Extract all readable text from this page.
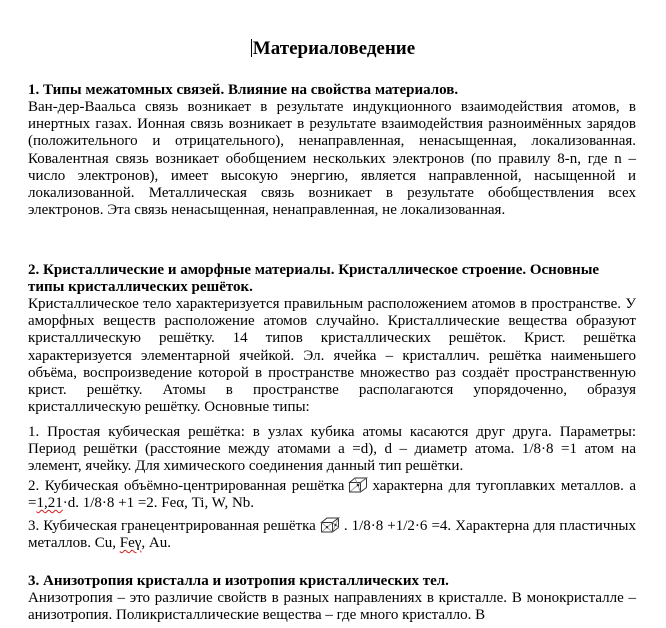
Материаловедение
1. Типы межатомных связей. Влияние на свойства материалов.
Ван-дер-Ваальса связь возникает в результате индукционного взаимодействия атомов, в инертных газах. Ионная связь возникает в результате взаимодействия разноимённых зарядов (положительного и отрицательного), ненаправленная, ненасыщенная, локализованная. Ковалентная связь возникает обобщением нескольких электронов (по правилу 8-n, где n – число электронов), имеет высокую энергию, является направленной, насыщенной и локализованной. Металлическая связь возникает в результате обобществления всех электронов. Эта связь ненасыщенная, ненаправленная, не локализованная.
2. Кристаллические и аморфные материалы. Кристаллическое строение. Основные типы кристаллических решёток.
Кристаллическое тело характеризуется правильным расположением атомов в пространстве. У аморфных веществ расположение атомов случайно. Кристаллические вещества образуют кристаллическую решётку. 14 типов кристаллических решёток. Крист. решётка характеризуется элементарной ячейкой. Эл. ячейка – кристаллич. решётка наименьшего объёма, воспроизведение которой в пространстве множество раз создаёт пространственную крист. решётку. Атомы в пространстве располагаются упорядоченно, образуя кристаллическую решётку. Основные типы:
1. Простая кубическая решётка: в узлах кубика атомы касаются друг друга. Параметры: Период решётки (расстояние между атомами a =d), d – диаметр атома. 1/8·8 =1 атом на элемент, ячейку. Для химического соединения данный тип решётки.
2. Кубическая объёмно-центрированная решётка характерна для тугоплавких металлов. a =1,21·d. 1/8·8 +1 =2. Feα, Ti, W, Nb.
3. Кубическая гранецентрированная решётка . 1/8·8 +1/2·6 =4. Характерна для пластичных металлов. Cu, Feγ, Au.
3. Анизотропия кристалла и изотропия кристаллических тел.
Анизотропия – это различие свойств в разных направлениях в кристалле. В монокристалле – анизотропия. Поликристаллические вещества – где много кристалло. В
